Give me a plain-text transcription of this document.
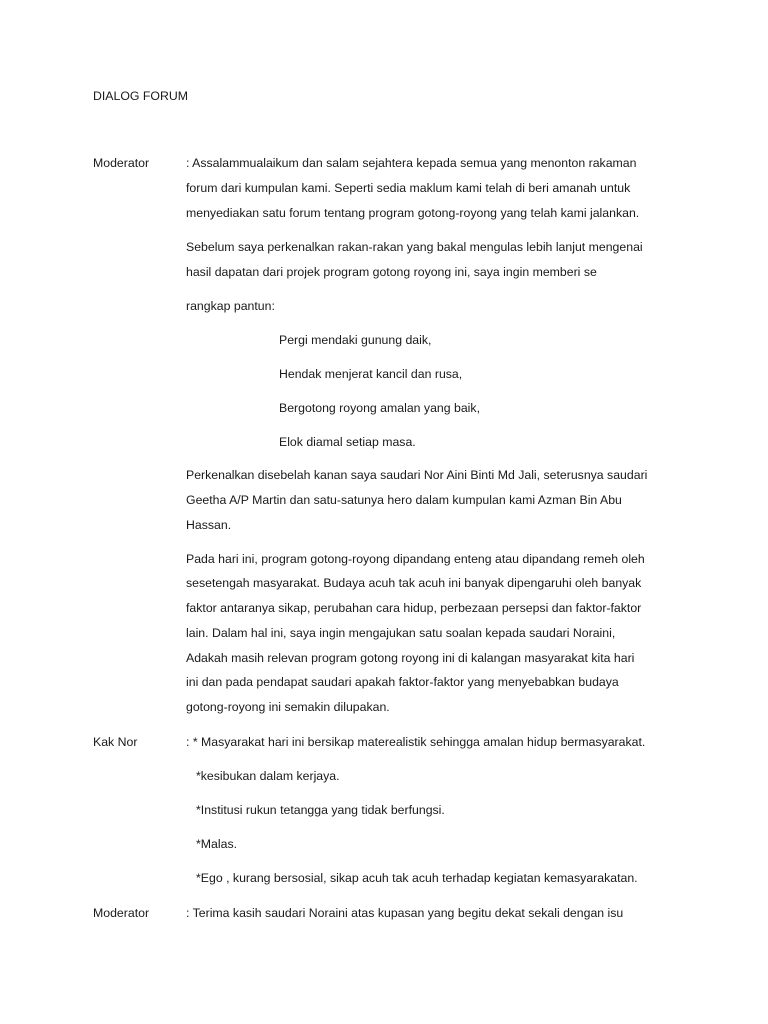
DIALOG FORUM
Moderator	: Assalammualaikum dan salam sejahtera kepada semua yang menonton rakaman
forum dari kumpulan kami. Seperti sedia maklum kami telah di beri amanah untuk
menyediakan satu forum tentang program gotong-royong yang telah kami jalankan.
Sebelum saya perkenalkan rakan-rakan yang bakal mengulas lebih lanjut mengenai
hasil dapatan dari projek program gotong royong ini, saya ingin memberi se
rangkap pantun:
Pergi mendaki gunung daik,
Hendak menjerat kancil dan rusa,
Bergotong royong amalan yang baik,
Elok diamal setiap masa.
Perkenalkan disebelah kanan saya saudari Nor Aini Binti Md Jali, seterusnya saudari
Geetha A/P Martin dan satu-satunya hero dalam kumpulan kami Azman Bin Abu
Hassan.
Pada hari ini, program gotong-royong dipandang enteng atau dipandang remeh oleh
sesetengah masyarakat. Budaya acuh tak acuh ini banyak dipengaruhi oleh banyak
faktor antaranya sikap, perubahan cara hidup, perbezaan persepsi dan faktor-faktor
lain. Dalam hal ini, saya ingin mengajukan satu soalan kepada saudari Noraini,
Adakah masih relevan program gotong royong ini di kalangan masyarakat kita hari
ini dan pada pendapat saudari apakah faktor-faktor yang menyebabkan budaya
gotong-royong ini semakin dilupakan.
Kak Nor	: * Masyarakat hari ini bersikap materealistik sehingga amalan hidup bermasyarakat.
*kesibukan dalam kerjaya.
*Institusi rukun tetangga yang tidak berfungsi.
*Malas.
*Ego , kurang bersosial, sikap acuh tak acuh terhadap kegiatan kemasyarakatan.
Moderator	: Terima kasih saudari Noraini atas kupasan yang begitu dekat sekali dengan isu
